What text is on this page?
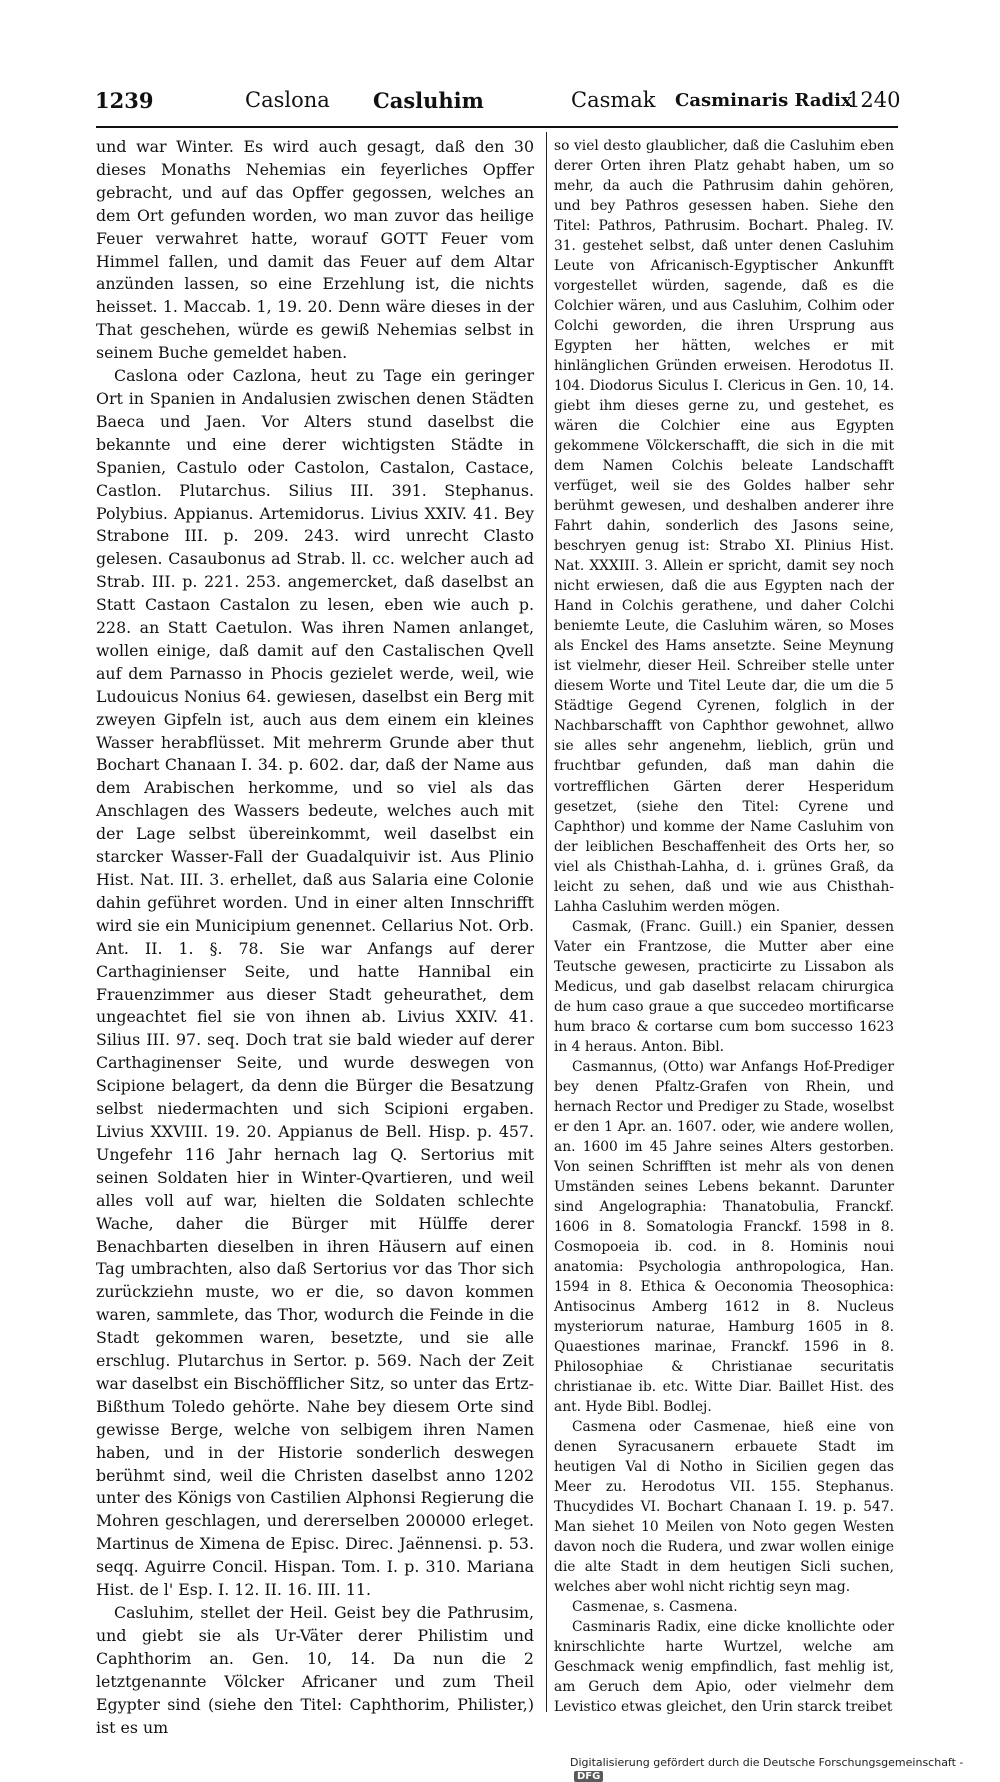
1239	Caslona Casluhim	Casmak Casminaris Radix
1240

und war Winter. Es wird auch gesagt, daß den 30 dieses Monaths Nehemias ein feyerliches Opffer gebracht, und auf das Opffer gegossen, welches an dem Ort gefunden worden, wo man zuvor das heilige Feuer verwahret hatte, worauf GOTT Feuer vom Himmel fallen, und damit das Feuer auf dem Altar anzünden lassen, so eine Erzehlung ist, die nichts heisset. 1. Maccab. 1, 19. 20. Denn wäre dieses in der That geschehen, würde es gewiß Nehemias selbst in seinem Buche gemeldet haben.

Caslona oder Cazlona, heut zu Tage ein geringer Ort in Spanien in Andalusien zwischen denen Städten Baeca und Jaen. Vor Alters stund daselbst die bekannte und eine derer wichtigsten Städte in Spanien, Castulo oder Castolon, Castalon, Castace, Castlon. Plutarchus. Silius III. 391. Stephanus. Polybius. Appianus. Artemidorus. Livius XXIV. 41. Bey Strabone III. p. 209. 243. wird unrecht Clasto gelesen. Casaubonus ad Strab. ll. cc. welcher auch ad Strab. III. p. 221. 253. angemercket, daß daselbst an Statt Castaon Castalon zu lesen, eben wie auch p. 228. an Statt Caetulon. Was ihren Namen anlanget, wollen einige, daß damit auf den Castalischen Qvell auf dem Parnasso in Phocis gezielet werde, weil, wie Ludouicus Nonius 64. gewiesen, daselbst ein Berg mit zweyen Gipfeln ist, auch aus dem einem ein kleines Wasser herabflüsset. Mit mehrerm Grunde aber thut Bochart Chanaan I. 34. p. 602. dar, daß der Name aus dem Arabischen herkomme, und so viel als das Anschlagen des Wassers bedeute, welches auch mit der Lage selbst übereinkommt, weil daselbst ein starcker Wasser-Fall der Guadalquivir ist. Aus Plinio Hist. Nat. III. 3. erhellet, daß aus Salaria eine Colonie dahin geführet worden. Und in einer alten Innschrifft wird sie ein Municipium genennet. Cellarius Not. Orb. Ant. II. 1. §. 78. Sie war Anfangs auf derer Carthaginienser Seite, und hatte Hannibal ein Frauenzimmer aus dieser Stadt geheurathet, dem ungeachtet fiel sie von ihnen ab. Livius XXIV. 41. Silius III. 97. seq. Doch trat sie bald wieder auf derer Carthaginenser Seite, und wurde deswegen von Scipione belagert, da denn die Bürger die Besatzung selbst niedermachten und sich Scipioni ergaben. Livius XXVIII. 19. 20. Appianus de Bell. Hisp. p. 457. Ungefehr 116 Jahr hernach lag Q. Sertorius mit seinen Soldaten hier in Winter-Qvartieren, und weil alles voll auf war, hielten die Soldaten schlechte Wache, daher die Bürger mit Hülffe derer Benachbarten dieselben in ihren Häusern auf einen Tag umbrachten, also daß Sertorius vor das Thor sich zurückziehn muste, wo er die, so davon kommen waren, sammlete, das Thor, wodurch die Feinde in die Stadt gekommen waren, besetzte, und sie alle erschlug. Plutarchus in Sertor. p. 569. Nach der Zeit war daselbst ein Bischöfflicher Sitz, so unter das Ertz-Bißthum Toledo gehörte. Nahe bey diesem Orte sind gewisse Berge, welche von selbigem ihren Namen haben, und in der Historie sonderlich deswegen berühmt sind, weil die Christen daselbst anno 1202 unter des Königs von Castilien Alphonsi Regierung die Mohren geschlagen, und dererselben 200000 erleget. Martinus de Ximena de Episc. Direc. Jaënnensi. p. 53. seqq. Aguirre Concil. Hispan. Tom. I. p. 310. Mariana Hist. de l' Esp. I. 12. II. 16. III. 11.

Casluhim, stellet der Heil. Geist bey die Pathrusim, und giebt sie als Ur-Väter derer Philistim und Caphthorim an. Gen. 10, 14. Da nun die 2 letztgenannte Völcker Africaner und zum Theil Egypter sind (siehe den Titel: Caphthorim, Philister,) ist es um

so viel desto glaublicher, daß die Casluhim eben derer Orten ihren Platz gehabt haben, um so mehr, da auch die Pathrusim dahin gehören, und bey Pathros gesessen haben. Siehe den Titel: Pathros, Pathrusim. Bochart. Phaleg. IV. 31. gestehet selbst, daß unter denen Casluhim Leute von Africanisch-Egyptischer Ankunfft vorgestellet würden, sagende, daß es die Colchier wären, und aus Casluhim, Colhim oder Colchi geworden, die ihren Ursprung aus Egypten her hätten, welches er mit hinlänglichen Gründen erweisen. Herodotus II. 104. Diodorus Siculus I. Clericus in Gen. 10, 14. giebt ihm dieses gerne zu, und gestehet, es wären die Colchier eine aus Egypten gekommene Völckerschafft, die sich in die mit dem Namen Colchis beleate Landschafft verfüget, weil sie des Goldes halber sehr berühmt gewesen, und deshalben anderer ihre Fahrt dahin, sonderlich des Jasons seine, beschryen genug ist: Strabo XI. Plinius Hist. Nat. XXXIII. 3. Allein er spricht, damit sey noch nicht erwiesen, daß die aus Egypten nach der Hand in Colchis gerathene, und daher Colchi beniemte Leute, die Casluhim wären, so Moses als Enckel des Hams ansetzte. Seine Meynung ist vielmehr, dieser Heil. Schreiber stelle unter diesem Worte und Titel Leute dar, die um die 5 Städtige Gegend Cyrenen, folglich in der Nachbarschafft von Caphthor gewohnet, allwo sie alles sehr angenehm, lieblich, grün und fruchtbar gefunden, daß man dahin die vortrefflichen Gärten derer Hesperidum gesetzet, (siehe den Titel: Cyrene und Caphthor) und komme der Name Casluhim von der leiblichen Beschaffenheit des Orts her, so viel als Chisthah-Lahha, d. i. grünes Graß, da leicht zu sehen, daß und wie aus Chisthah-Lahha Casluhim werden mögen.

Casmak, (Franc. Guill.) ein Spanier, dessen Vater ein Frantzose, die Mutter aber eine Teutsche gewesen, practicirte zu Lissabon als Medicus, und gab daselbst relacam chirurgica de hum caso graue a que succedeo mortificarse hum braco & cortarse cum bom successo 1623 in 4 heraus. Anton. Bibl.

Casmannus, (Otto) war Anfangs Hof-Prediger bey denen Pfaltz-Grafen von Rhein, und hernach Rector und Prediger zu Stade, woselbst er den 1 Apr. an. 1607. oder, wie andere wollen, an. 1600 im 45 Jahre seines Alters gestorben. Von seinen Schrifften ist mehr als von denen Umständen seines Lebens bekannt. Darunter sind Angelographia: Thanatobulia, Franckf. 1606 in 8. Somatologia Franckf. 1598 in 8. Cosmopoeia ib. cod. in 8. Hominis noui anatomia: Psychologia anthropologica, Han. 1594 in 8. Ethica & Oeconomia Theosophica: Antisocinus Amberg 1612 in 8. Nucleus mysteriorum naturae, Hamburg 1605 in 8. Quaestiones marinae, Franckf. 1596 in 8. Philosophiae & Christianae securitatis christianae ib. etc. Witte Diar. Baillet Hist. des ant. Hyde Bibl. Bodlej.

Casmena oder Casmenae, hieß eine von denen Syracusanern erbauete Stadt im heutigen Val di Notho in Sicilien gegen das Meer zu. Herodotus VII. 155. Stephanus. Thucydides VI. Bochart Chanaan I. 19. p. 547. Man siehet 10 Meilen von Noto gegen Westen davon noch die Rudera, und zwar wollen einige die alte Stadt in dem heutigen Sicli suchen, welches aber wohl nicht richtig seyn mag.

Casmenae, s. Casmena.

Casminaris Radix, eine dicke knollichte oder knirschlichte harte Wurtzel, welche am Geschmack wenig empfindlich, fast mehlig ist, am Geruch dem Apio, oder vielmehr dem Levistico etwas gleichet, den Urin starck treibet

Digitalisierung gefördert durch die Deutsche Forschungsgemeinschaft - DFG
